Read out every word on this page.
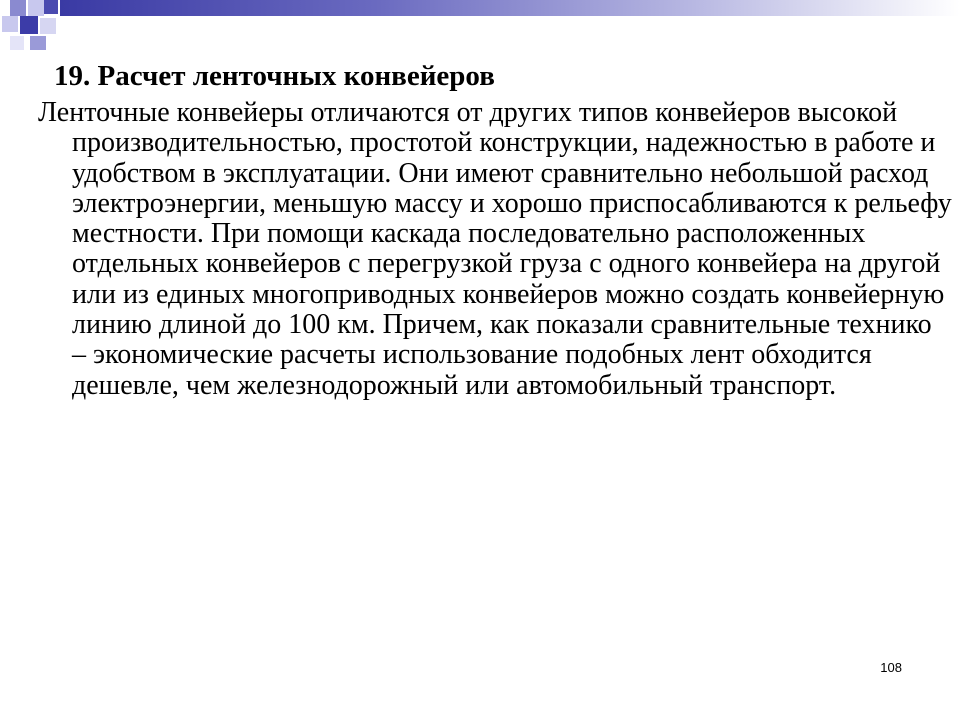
19. Расчет ленточных конвейеров

Ленточные конвейеры отличаются от других типов конвейеров высокой производительностью, простотой конструкции, надежностью в работе и удобством в эксплуатации. Они имеют сравнительно небольшой расход электроэнергии, меньшую массу и хорошо приспосабливаются к рельефу местности. При помощи каскада последовательно расположенных отдельных конвейеров с перегрузкой груза с одного конвейера на другой или из единых многоприводных конвейеров можно создать конвейерную линию длиной до 100 км. Причем, как показали сравнительные технико – экономические расчеты использование подобных лент обходится дешевле, чем железнодорожный или автомобильный транспорт.

108
